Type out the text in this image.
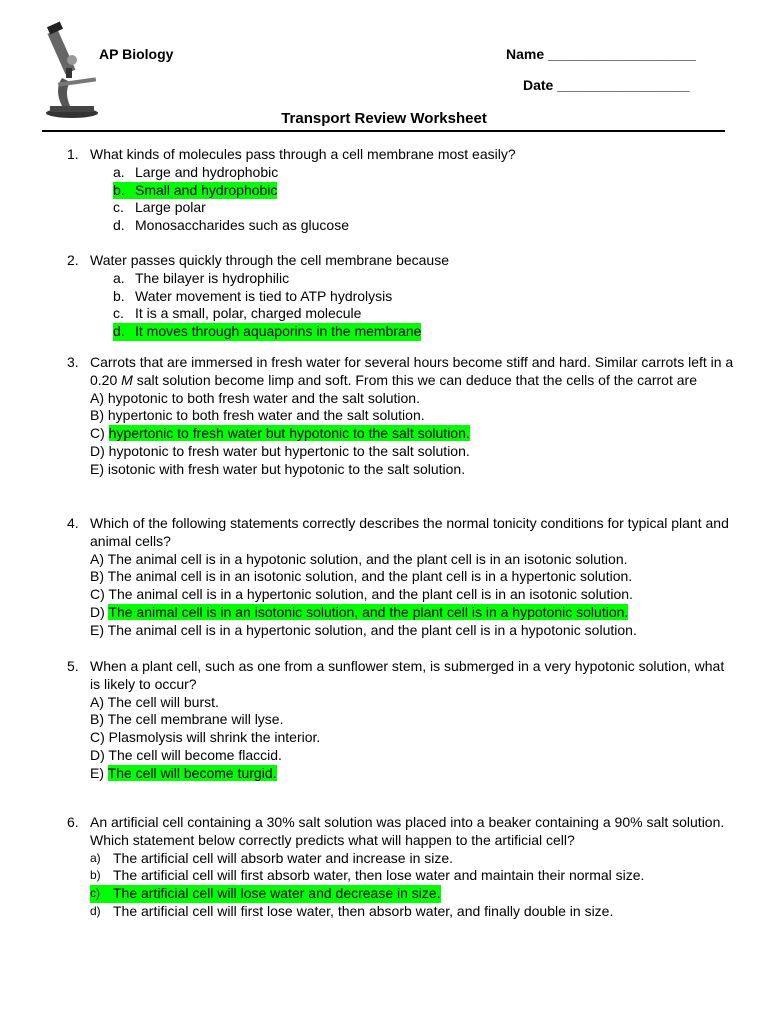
AP Biology	Name ___________________
Date _________________
Transport Review Worksheet
1. What kinds of molecules pass through a cell membrane most easily?
a. Large and hydrophobic
b. Small and hydrophobic
c. Large polar
d. Monosaccharides such as glucose
2. Water passes quickly through the cell membrane because
a. The bilayer is hydrophilic
b. Water movement is tied to ATP hydrolysis
c. It is a small, polar, charged molecule
d. It moves through aquaporins in the membrane
3. Carrots that are immersed in fresh water for several hours become stiff and hard. Similar carrots left in a 0.20 M salt solution become limp and soft. From this we can deduce that the cells of the carrot are
A) hypotonic to both fresh water and the salt solution.
B) hypertonic to both fresh water and the salt solution.
C) hypertonic to fresh water but hypotonic to the salt solution.
D) hypotonic to fresh water but hypertonic to the salt solution.
E) isotonic with fresh water but hypotonic to the salt solution.
4. Which of the following statements correctly describes the normal tonicity conditions for typical plant and animal cells?
A) The animal cell is in a hypotonic solution, and the plant cell is in an isotonic solution.
B) The animal cell is in an isotonic solution, and the plant cell is in a hypertonic solution.
C) The animal cell is in a hypertonic solution, and the plant cell is in an isotonic solution.
D) The animal cell is in an isotonic solution, and the plant cell is in a hypotonic solution.
E) The animal cell is in a hypertonic solution, and the plant cell is in a hypotonic solution.
5. When a plant cell, such as one from a sunflower stem, is submerged in a very hypotonic solution, what is likely to occur?
A) The cell will burst.
B) The cell membrane will lyse.
C) Plasmolysis will shrink the interior.
D) The cell will become flaccid.
E) The cell will become turgid.
6. An artificial cell containing a 30% salt solution was placed into a beaker containing a 90% salt solution. Which statement below correctly predicts what will happen to the artificial cell?
a) The artificial cell will absorb water and increase in size.
b) The artificial cell will first absorb water, then lose water and maintain their normal size.
c) The artificial cell will lose water and decrease in size.
d) The artificial cell will first lose water, then absorb water, and finally double in size.
